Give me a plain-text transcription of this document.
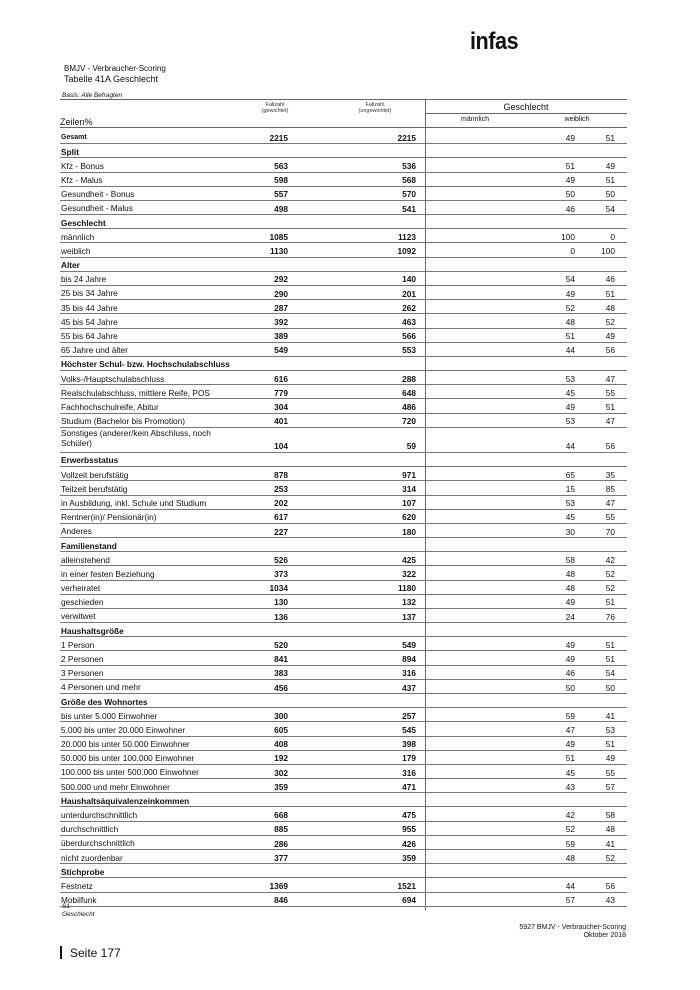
infas
BMJV - Verbraucher-Scoring
Tabelle 41A Geschlecht
Basis: Alle Befragten
Fallzahl
(gewichtet)
Fallzahl
(ungewichtet)	Geschlecht
männlich	weiblich
Zeilen%
Gesamt	2215	2215	49	51
Split
Kfz - Bonus	563	536	51	49
Kfz - Malus	598	568	49	51
Gesundheit - Bonus	557	570	50	50
Gesundheit - Malus	498	541	46	54
Geschlecht
männlich	1085	1123	100	0
weiblich	1130	1092	0	100
Alter
bis 24 Jahre	292	140	54	46
25 bis 34 Jahre	290	201	49	51
35 bis 44 Jahre	287	262	52	48
45 bis 54 Jahre	392	463	48	52
55 bis 64 Jahre	389	566	51	49
65 Jahre und älter	549	553	44	56
Höchster Schul- bzw. Hochschulabschluss
Volks-/Hauptschulabschluss	616	288	53	47
Realschulabschluss, mittlere Reife, POS	779	648	45	55
Fachhochschulreife, Abitur	304	486	49	51
Studium (Bachelor bis Promotion)	401	720	53	47
Sonstiges (anderer/kein Abschluss, noch
Schüler)	104	59	44	56
Erwerbsstatus
Vollzeit berufstätig	878	971	65	35
Teilzeit berufstätig	253	314	15	85
in Ausbildung, inkl. Schule und Studium	202	107	53	47
Rentner(in)/ Pensionär(in)	617	620	45	55
Anderes	227	180	30	70
Familienstand
alleinstehend	526	425	58	42
in einer festen Beziehung	373	322	48	52
verheiratet	1034	1180	48	52
geschieden	130	132	49	51
verwitwet	136	137	24	76
Haushaltsgröße
1 Person	520	549	49	51
2 Personen	841	894	49	51
3 Personen	383	316	46	54
4 Personen und mehr	456	437	50	50
Größe des Wohnortes
bis unter 5.000 Einwohner	300	257	59	41
5.000 bis unter 20.000 Einwohner	605	545	47	53
20.000 bis unter 50.000 Einwohner	408	398	49	51
50.000 bis unter 100.000 Einwohner	192	179	51	49
100.000 bis unter 500.000 Einwohner	302	316	45	55
500.000 und mehr Einwohner	359	471	43	57
Haushaltsäquivalenzeinkommen
unterdurchschnittlich	668	475	42	58
durchschnittlich	885	955	52	48
überdurchschnittlich	286	426	59	41
nicht zuordenbar	377	359	48	52
Stichprobe
Festnetz	1369	1521	44	56
Mobilfunk	846	694	57	43
S1
Geschlecht
5927 BMJV - Verbraucher-Scoring
Oktober 2018
Seite 177
